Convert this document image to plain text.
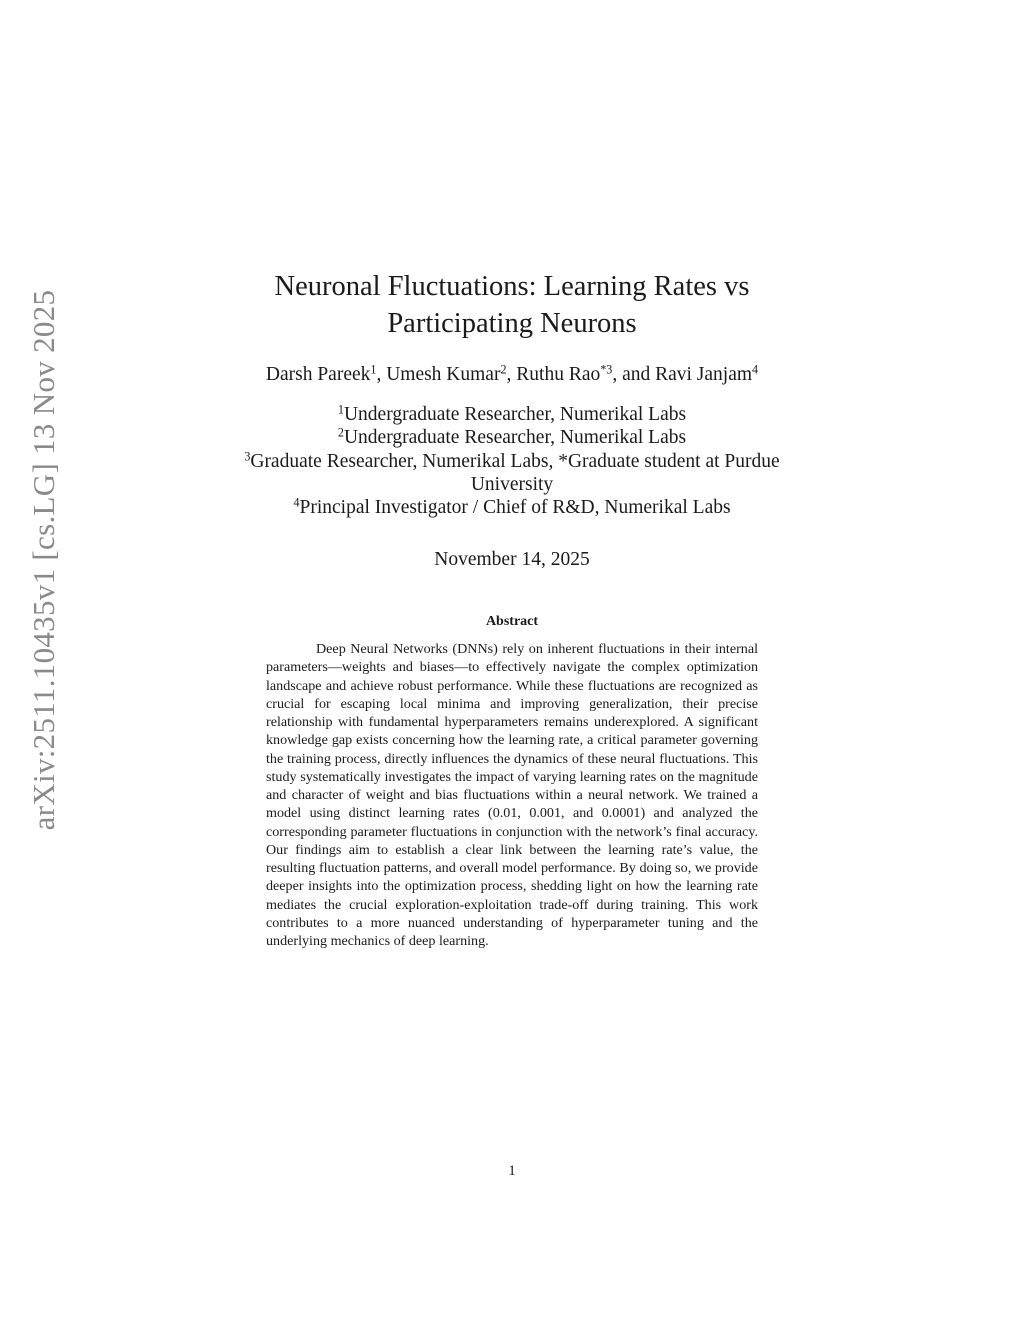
arXiv:2511.10435v1 [cs.LG] 13 Nov 2025
Neuronal Fluctuations: Learning Rates vs Participating Neurons
Darsh Pareek$^1$, Umesh Kumar$^2$, Ruthu Rao$^{*3}$, and Ravi Janjam$^4$
$^1$Undergraduate Researcher, Numerikal Labs
$^2$Undergraduate Researcher, Numerikal Labs
$^3$Graduate Researcher, Numerikal Labs, *Graduate student at Purdue University
$^4$Principal Investigator / Chief of R&D, Numerikal Labs
November 14, 2025
Abstract

Deep Neural Networks (DNNs) rely on inherent fluctuations in their internal parameters—weights and biases—to effectively navigate the complex optimization landscape and achieve robust performance. While these fluctuations are recognized as crucial for escaping local minima and improving generalization, their precise relationship with fundamental hyperparameters remains underexplored. A significant knowledge gap exists concerning how the learning rate, a critical parameter governing the training process, directly influences the dynamics of these neural fluctuations. This study systematically investigates the impact of varying learning rates on the magnitude and character of weight and bias fluctuations within a neural network. We trained a model using distinct learning rates (0.01, 0.001, and 0.0001) and analyzed the corresponding parameter fluctuations in conjunction with the network’s final accuracy. Our findings aim to establish a clear link between the learning rate’s value, the resulting fluctuation patterns, and overall model performance. By doing so, we provide deeper insights into the optimization process, shedding light on how the learning rate mediates the crucial exploration-exploitation trade-off during training. This work contributes to a more nuanced understanding of hyperparameter tuning and the underlying mechanics of deep learning.

1
